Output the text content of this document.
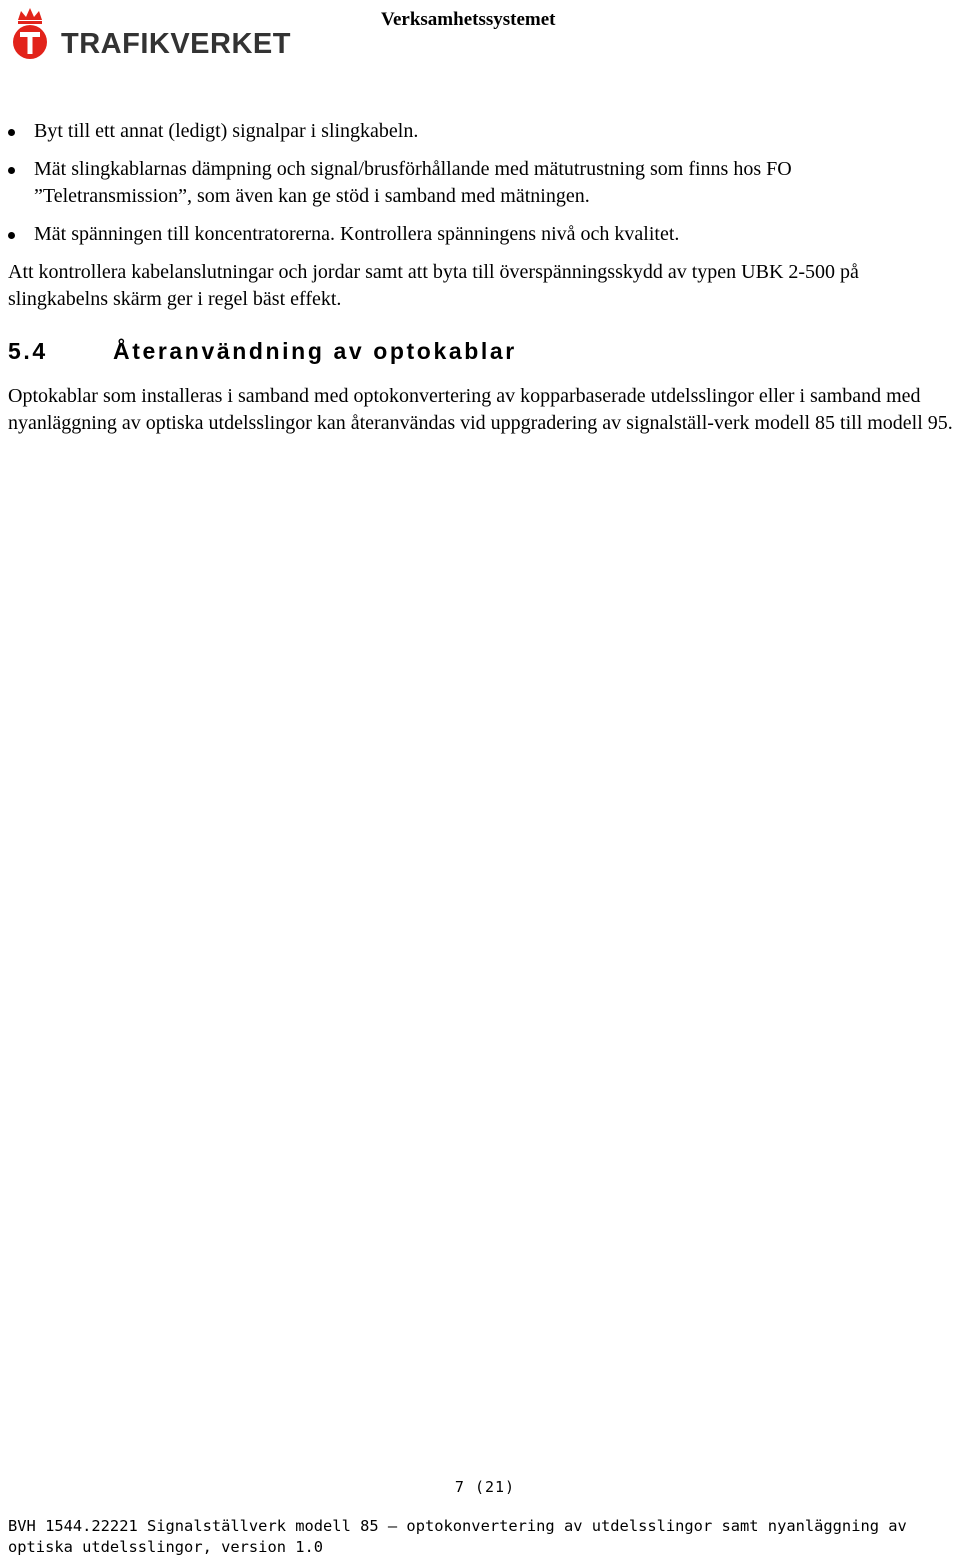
TRAFIKVERKET
Verksamhetssystemet
Byt till ett annat (ledigt) signalpar i slingkabeln.
Mät slingkablarnas dämpning och signal/brusförhållande med mätutrustning som finns hos FO ”Teletransmission”, som även kan ge stöd i samband med mätningen.
Mät spänningen till koncentratorerna. Kontrollera spänningens nivå och kvalitet.

Att kontrollera kabelanslutningar och jordar samt att byta till överspänningsskydd av typen UBK 2-500 på slingkabelns skärm ger i regel bäst effekt.

5.4	Återanvändning av optokablar

Optokablar som installeras i samband med optokonvertering av kopparbaserade utdelsslingor eller i samband med nyanläggning av optiska utdelsslingor kan återanvändas vid uppgradering av signalställ-verk modell 85 till modell 95.

7 (21)
BVH 1544.22221 Signalställverk modell 85 – optokonvertering av utdelsslingor samt nyanläggning av optiska utdelsslingor, version 1.0
